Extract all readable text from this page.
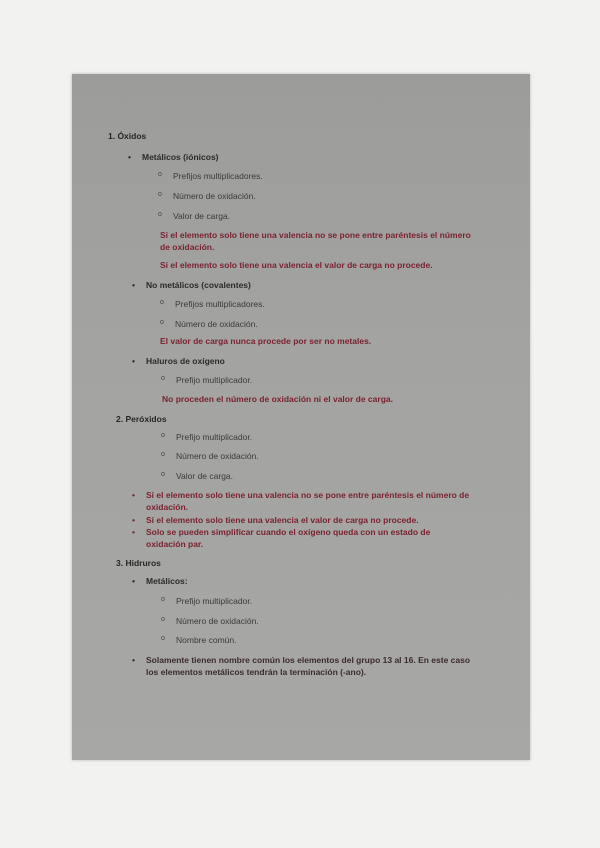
1. Óxidos
• Metálicos (iónicos)
o Prefijos multiplicadores.
o Número de oxidación.
o Valor de carga.
Si el elemento solo tiene una valencia no se pone entre paréntesis el número de oxidación.
Si el elemento solo tiene una valencia el valor de carga no procede.
• No metálicos (covalentes)
o Prefijos multiplicadores.
o Número de oxidación.
El valor de carga nunca procede por ser no metales.
• Haluros de oxígeno
o Prefijo multiplicador.
No proceden el número de oxidación ni el valor de carga.
2. Peróxidos
o Prefijo multiplicador.
o Número de oxidación.
o Valor de carga.
• Si el elemento solo tiene una valencia no se pone entre paréntesis el número de oxidación.
• Si el elemento solo tiene una valencia el valor de carga no procede.
• Solo se pueden simplificar cuando el oxígeno queda con un estado de oxidación par.
3. Hidruros
• Metálicos:
o Prefijo multiplicador.
o Número de oxidación.
o Nombre común.
• Solamente tienen nombre común los elementos del grupo 13 al 16. En este caso los elementos metálicos tendrán la terminación (-ano).
